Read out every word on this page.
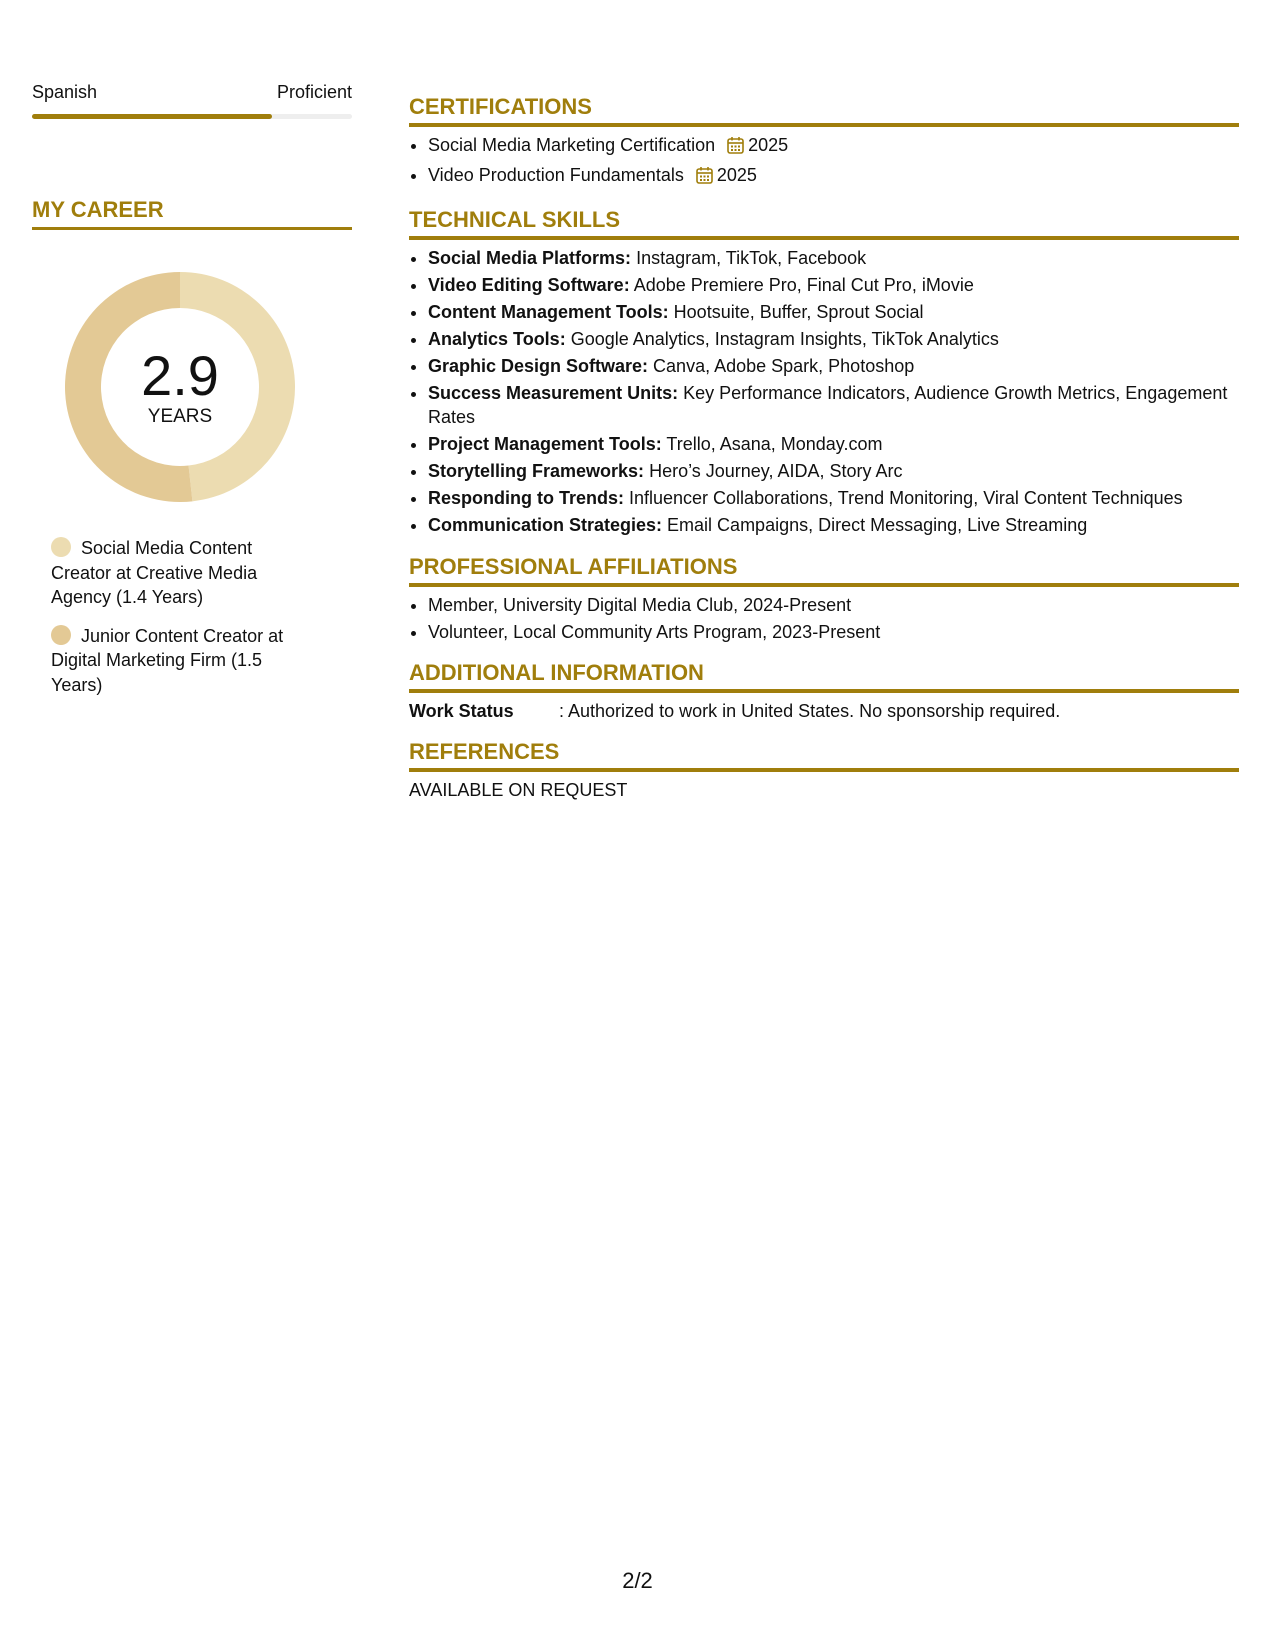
Spanish	Proficient
MY CAREER
2.9
YEARS
Social Media Content Creator at Creative Media Agency (1.4 Years)
Junior Content Creator at Digital Marketing Firm (1.5 Years)
CERTIFICATIONS
• Social Media Marketing Certification 2025
• Video Production Fundamentals 2025
TECHNICAL SKILLS
• Social Media Platforms: Instagram, TikTok, Facebook
• Video Editing Software: Adobe Premiere Pro, Final Cut Pro, iMovie
• Content Management Tools: Hootsuite, Buffer, Sprout Social
• Analytics Tools: Google Analytics, Instagram Insights, TikTok Analytics
• Graphic Design Software: Canva, Adobe Spark, Photoshop
• Success Measurement Units: Key Performance Indicators, Audience Growth Metrics, Engagement Rates
• Project Management Tools: Trello, Asana, Monday.com
• Storytelling Frameworks: Hero’s Journey, AIDA, Story Arc
• Responding to Trends: Influencer Collaborations, Trend Monitoring, Viral Content Techniques
• Communication Strategies: Email Campaigns, Direct Messaging, Live Streaming
PROFESSIONAL AFFILIATIONS
• Member, University Digital Media Club, 2024-Present
• Volunteer, Local Community Arts Program, 2023-Present
ADDITIONAL INFORMATION
Work Status	: Authorized to work in United States. No sponsorship required.
REFERENCES
AVAILABLE ON REQUEST
2/2
